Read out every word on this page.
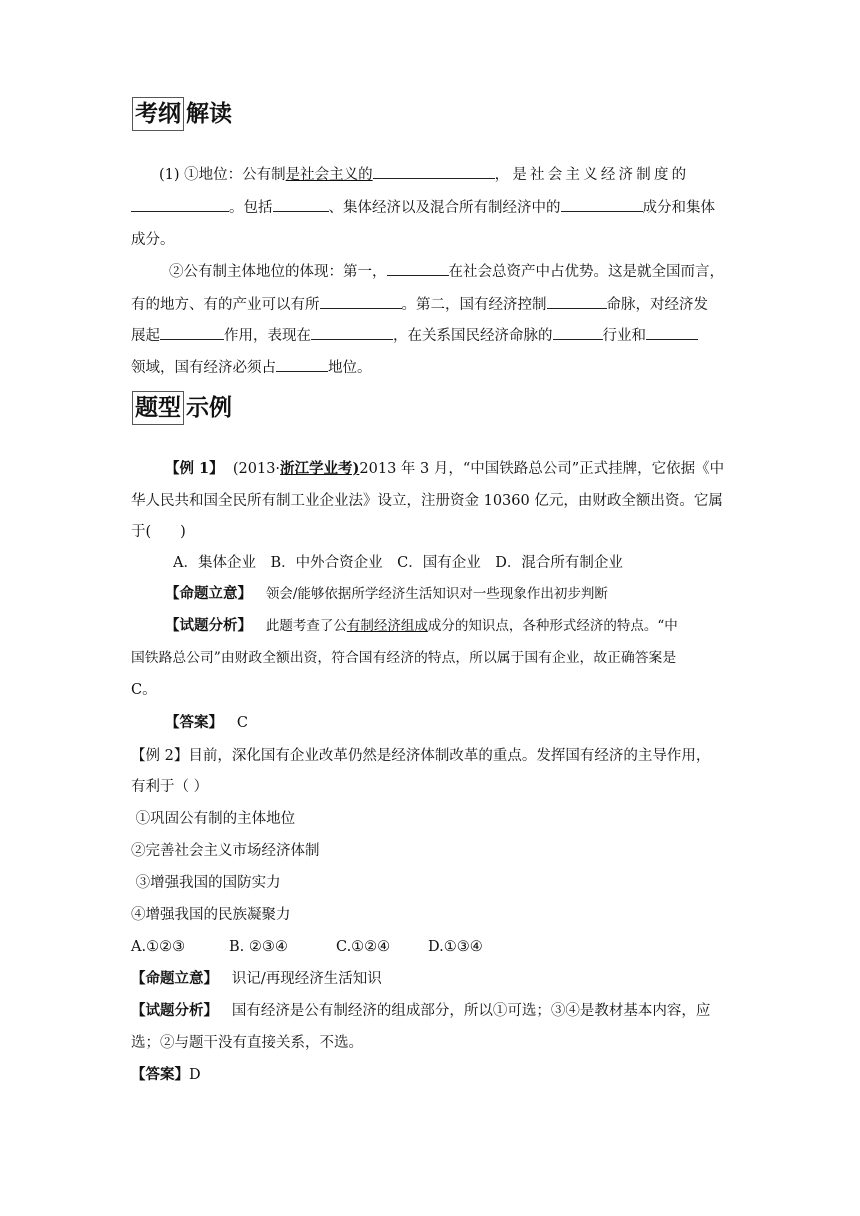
考纲 解读
(1) ①地位：公有制是社会主义的	，是社会主义经济制度的
。包括	、集体经济以及混合所有制经济中的	成分和集体
成分。
②公有制主体地位的体现：第一，	在社会总资产中占优势。这是就全国而言，
有的地方、有的产业可以有所	。第二，国有经济控制	命脉，对经济发
展起	作用，表现在	，在关系国民经济命脉的	行业和
领域，国有经济必须占	地位。
题型 示例
【例 1】 (2013·浙江学业考)2013 年 3 月，“中国铁路总公司”正式挂牌，它依据《中
华人民共和国全民所有制工业企业法》设立，注册资金 10360 亿元，由财政全额出资。它属
于(　　)
A．集体企业　B．中外合资企业　C．国有企业　D．混合所有制企业
【命题立意】 领会/能够依据所学经济生活知识对一些现象作出初步判断
【试题分析】 此题考查了公有制经济组成成分的知识点，各种形式经济的特点。“中
国铁路总公司”由财政全额出资，符合国有经济的特点，所以属于国有企业，故正确答案是
C。
【答案】 C
【例 2】目前，深化国有企业改革仍然是经济体制改革的重点。发挥国有经济的主导作用，
有利于（ ）
①巩固公有制的主体地位
②完善社会主义市场经济体制
③增强我国的国防实力
④增强我国的民族凝聚力
A.①②③	B. ②③④	C.①②④	D.①③④
【命题立意】 识记/再现经济生活知识
【试题分析】 国有经济是公有制经济的组成部分，所以①可选；③④是教材基本内容，应
选；②与题干没有直接关系，不选。
【答案】D
